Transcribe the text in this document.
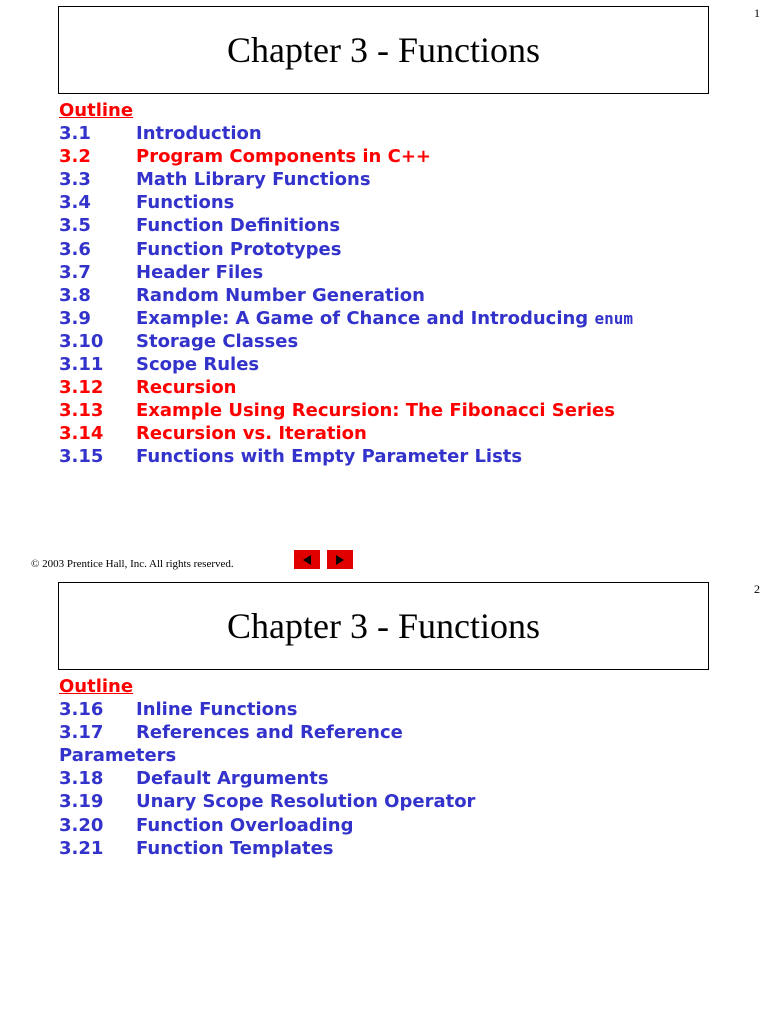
1
Chapter 3 - Functions
Outline
3.1	Introduction
3.2	Program Components in C++
3.3	Math Library Functions
3.4	Functions
3.5	Function Definitions
3.6	Function Prototypes
3.7	Header Files
3.8	Random Number Generation
3.9	Example: A Game of Chance and Introducing enum
3.10 Storage Classes
3.11 Scope Rules
3.12 Recursion
3.13 Example Using Recursion: The Fibonacci Series
3.14 Recursion vs. Iteration
3.15 Functions with Empty Parameter Lists
© 2003 Prentice Hall, Inc. All rights reserved.
2
Chapter 3 - Functions
Outline
3.16 Inline Functions
3.17 References and Reference
Parameters
3.18 Default Arguments
3.19 Unary Scope Resolution Operator
3.20 Function Overloading
3.21 Function Templates
